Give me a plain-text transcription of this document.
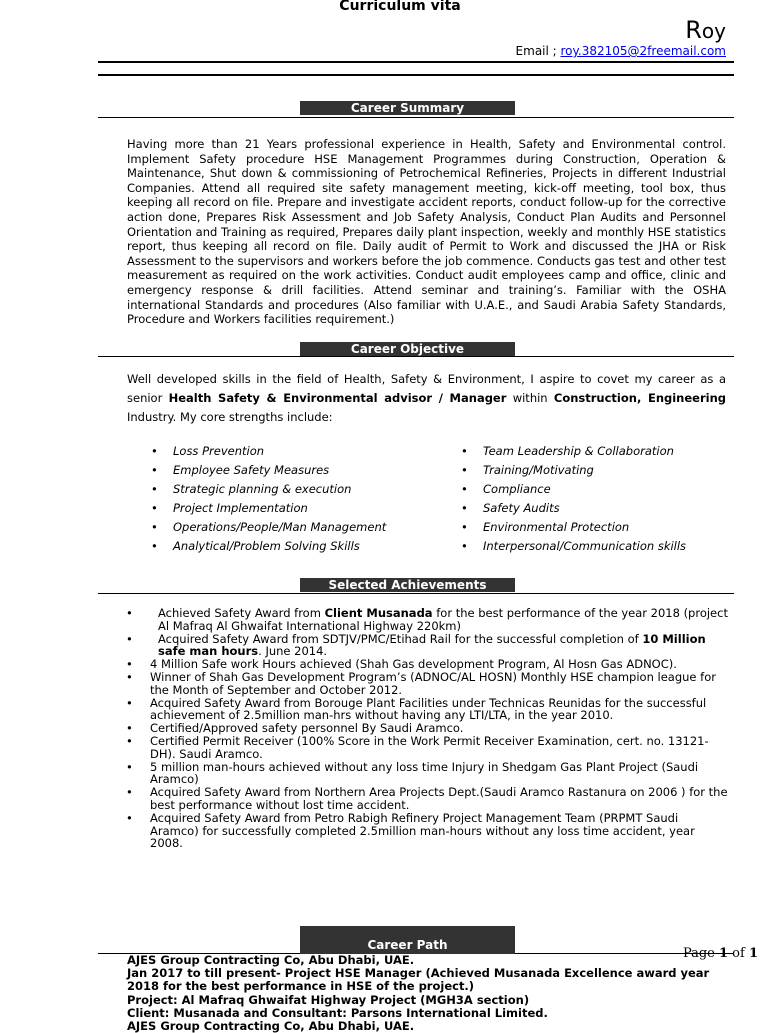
Curriculum vita
Roy
Email ; roy.382105@2freemail.com
Career Summary
Having more than 21 Years professional experience in Health, Safety and Environmental control. Implement Safety procedure HSE Management Programmes during Construction, Operation & Maintenance, Shut down & commissioning of Petrochemical Refineries, Projects in different Industrial Companies. Attend all required site safety management meeting, kick-off meeting, tool box, thus keeping all record on file. Prepare and investigate accident reports, conduct follow-up for the corrective action done, Prepares Risk Assessment and Job Safety Analysis, Conduct Plan Audits and Personnel Orientation and Training as required, Prepares daily plant inspection, weekly and monthly HSE statistics report, thus keeping all record on file. Daily audit of Permit to Work and discussed the JHA or Risk Assessment to the supervisors and workers before the job commence. Conducts gas test and other test measurement as required on the work activities. Conduct audit employees camp and office, clinic and emergency response & drill facilities. Attend seminar and training’s. Familiar with the OSHA international Standards and procedures (Also familiar with U.A.E., and Saudi Arabia Safety Standards, Procedure and Workers facilities requirement.)
Career Objective
Well developed skills in the field of Health, Safety & Environment, I aspire to covet my career as a senior Health Safety & Environmental advisor / Manager within Construction, Engineering Industry. My core strengths include:
• Loss Prevention
• Employee Safety Measures
• Strategic planning & execution
• Project Implementation
• Operations/People/Man Management
• Analytical/Problem Solving Skills
• Team Leadership & Collaboration
• Training/Motivating
• Compliance
• Safety Audits
• Environmental Protection
• Interpersonal/Communication skills
Selected Achievements
• Achieved Safety Award from Client Musanada for the best performance of the year 2018 (project Al Mafraq Al Ghwaifat International Highway 220km)
• Acquired Safety Award from SDTJV/PMC/Etihad Rail for the successful completion of 10 Million safe man hours. June 2014.
• 4 Million Safe work Hours achieved (Shah Gas development Program, Al Hosn Gas ADNOC).
• Winner of Shah Gas Development Program’s (ADNOC/AL HOSN) Monthly HSE champion league for the Month of September and October 2012.
• Acquired Safety Award from Borouge Plant Facilities under Technicas Reunidas for the successful achievement of 2.5million man-hrs without having any LTI/LTA, in the year 2010.
• Certified/Approved safety personnel By Saudi Aramco.
• Certified Permit Receiver (100% Score in the Work Permit Receiver Examination, cert. no. 13121-DH). Saudi Aramco.
• 5 million man-hours achieved without any loss time Injury in Shedgam Gas Plant Project (Saudi Aramco)
• Acquired Safety Award from Northern Area Projects Dept.(Saudi Aramco Rastanura on 2006 ) for the best performance without lost time accident.
• Acquired Safety Award from Petro Rabigh Refinery Project Management Team (PRPMT Saudi Aramco) for successfully completed 2.5million man-hours without any loss time accident, year 2008.
Career Path
AJES Group Contracting Co, Abu Dhabi, UAE.
Jan 2017 to till present- Project HSE Manager (Achieved Musanada Excellence award year 2018 for the best performance in HSE of the project.)
Project: Al Mafraq Ghwaifat Highway Project (MGH3A section)
Client: Musanada and Consultant: Parsons International Limited.
AJES Group Contracting Co, Abu Dhabi, UAE.
Page 1 of 1
